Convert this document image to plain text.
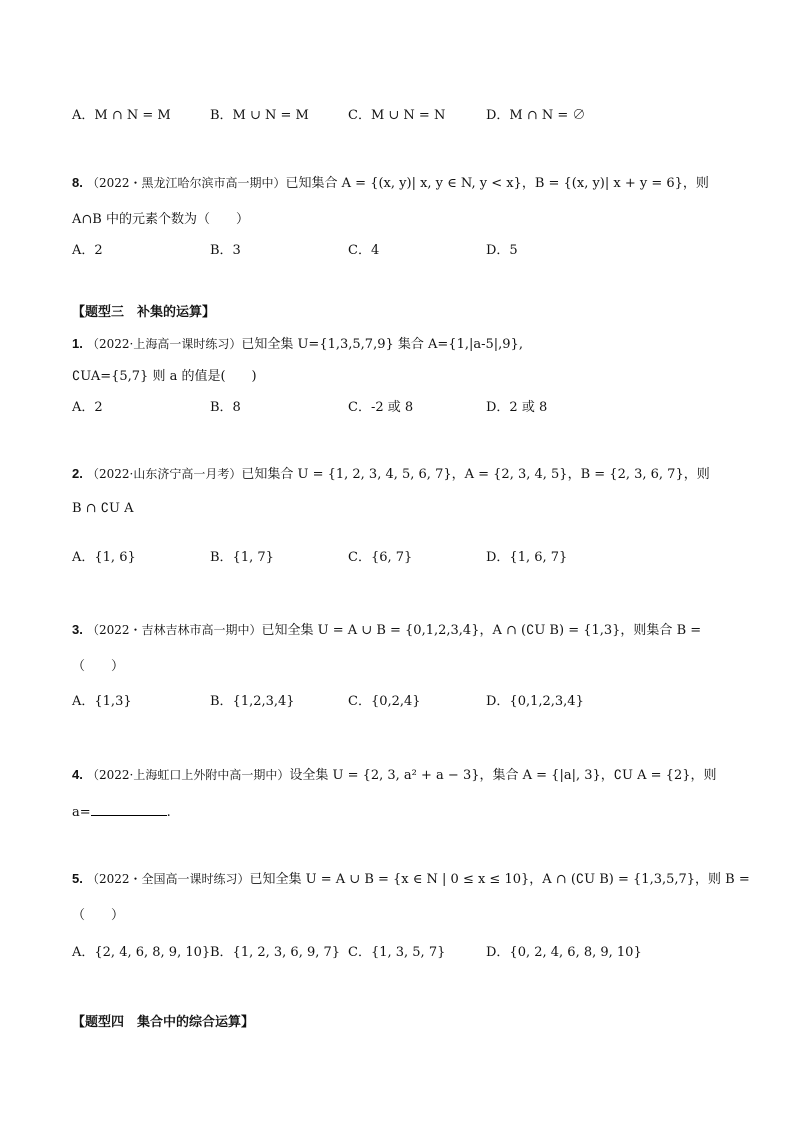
A．M ∩ N = M	B．M ∪ N = M	C．M ∪ N = N	D．M ∩ N = ∅
8. （2022・黑龙江哈尔滨市高一期中）已知集合 A = {(x, y)| x, y ∈ N, y < x}，B = {(x, y)| x + y = 6}，则
A∩B 中的元素个数为（　　）
A．2	B．3	C．4	D．5
【题型三　补集的运算】
1. （2022·上海高一课时练习）已知全集 U={1,3,5,7,9} 集合 A={1,|a-5|,9},
∁UA={5,7} 则 a 的值是(　　)
A．2	B．8	C．-2 或 8	D．2 或 8
2. （2022·山东济宁高一月考）已知集合 U = {1, 2, 3, 4, 5, 6, 7}，A = {2, 3, 4, 5}，B = {2, 3, 6, 7}，则
B ∩ ∁U A
A．{1, 6}	B．{1, 7}	C．{6, 7}	D．{1, 6, 7}
3. （2022・吉林吉林市高一期中）已知全集 U = A ∪ B = {0,1,2,3,4}，A ∩ (∁U B) = {1,3}，则集合 B =
（　　）
A．{1,3}	B．{1,2,3,4}	C．{0,2,4}	D．{0,1,2,3,4}
4. （2022·上海虹口上外附中高一期中）设全集 U = {2, 3, a² + a − 3}，集合 A = {|a|, 3}，∁U A = {2}，则
a=	.
5. （2022・全国高一课时练习）已知全集 U = A ∪ B = {x ∈ N | 0 ≤ x ≤ 10}，A ∩ (∁U B) = {1,3,5,7}，则 B =
（　　）
A．{2, 4, 6, 8, 9, 10} B．{1, 2, 3, 6, 9, 7} C．{1, 3, 5, 7}	D．{0, 2, 4, 6, 8, 9, 10}
【题型四　集合中的综合运算】
